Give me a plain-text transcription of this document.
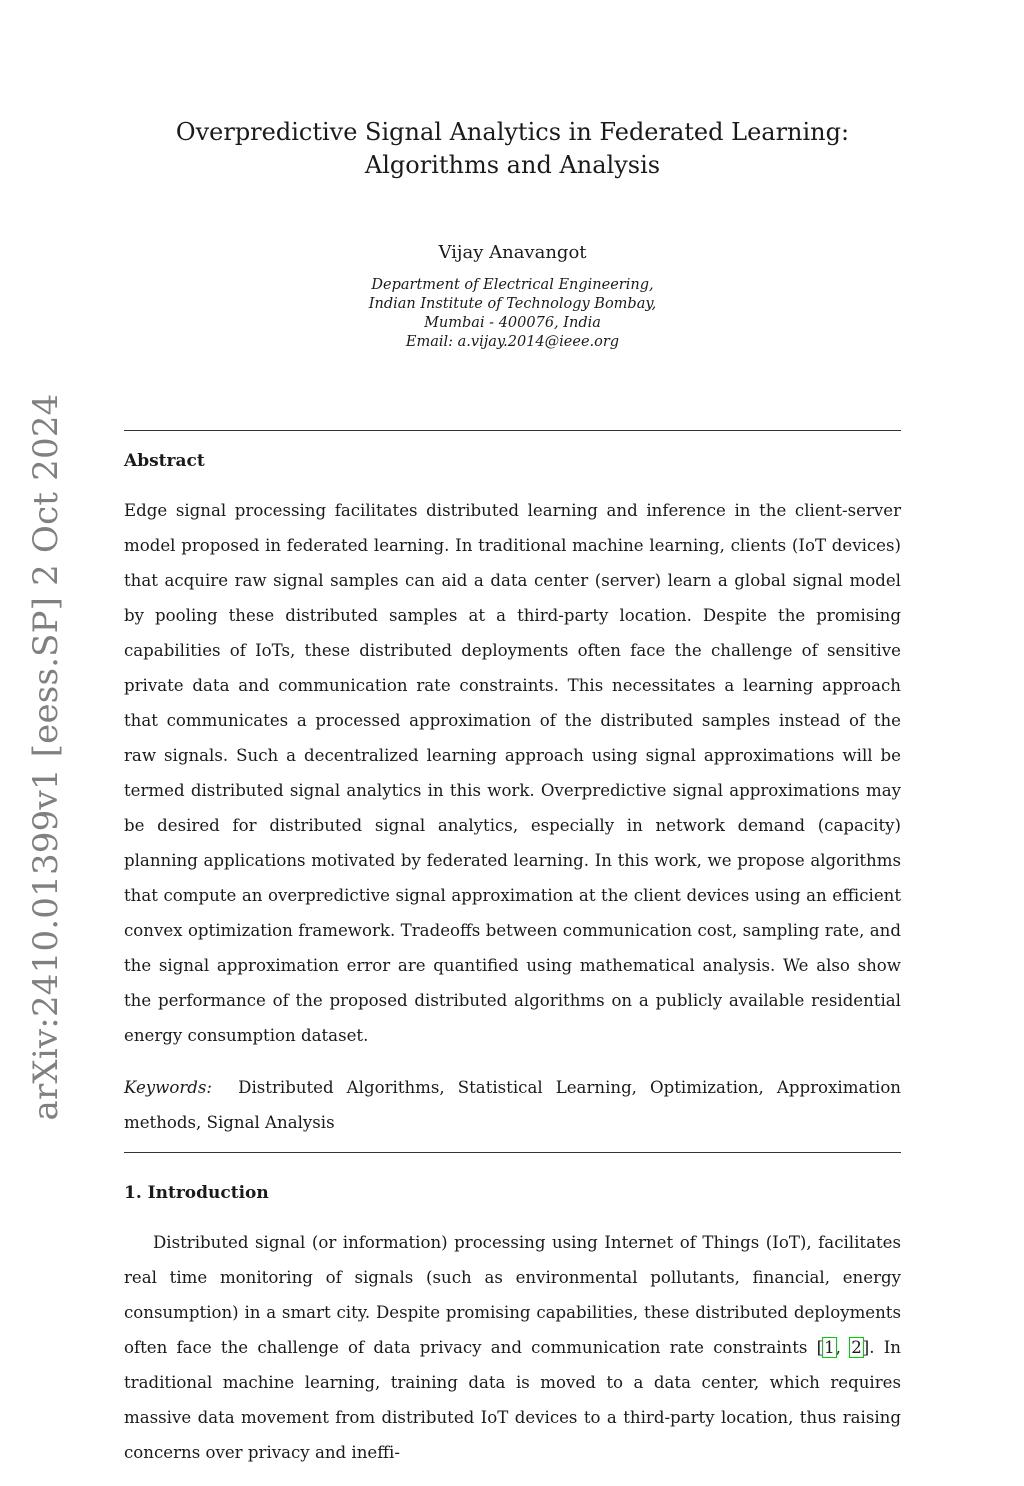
arXiv:2410.01399v1 [eess.SP] 2 Oct 2024
Overpredictive Signal Analytics in Federated Learning:
Algorithms and Analysis
Vijay Anavangot
Department of Electrical Engineering,
Indian Institute of Technology Bombay,
Mumbai - 400076, India
Email: a.vijay.2014@ieee.org
Abstract

Edge signal processing facilitates distributed learning and inference in the client-server model proposed in federated learning. In traditional machine learning, clients (IoT devices) that acquire raw signal samples can aid a data center (server) learn a global signal model by pooling these distributed samples at a third-party location. Despite the promising capabilities of IoTs, these distributed deployments often face the challenge of sensitive private data and communication rate constraints. This necessitates a learning approach that communicates a processed approximation of the distributed samples instead of the raw signals. Such a decentralized learning approach using signal approximations will be termed distributed signal analytics in this work. Overpredictive signal approximations may be desired for distributed signal analytics, especially in network demand (capacity) planning applications motivated by federated learning. In this work, we propose algorithms that compute an overpredictive signal approximation at the client devices using an efficient convex optimization framework. Tradeoffs between communication cost, sampling rate, and the signal approximation error are quantified using mathematical analysis. We also show the performance of the proposed distributed algorithms on a publicly available residential energy consumption dataset.

Keywords: Distributed Algorithms, Statistical Learning, Optimization, Approximation methods, Signal Analysis

1. Introduction

Distributed signal (or information) processing using Internet of Things (IoT), facilitates real time monitoring of signals (such as environmental pollutants, financial, energy consumption) in a smart city. Despite promising capabilities, these distributed deployments often face the challenge of data privacy and communication rate constraints [1, 2]. In traditional machine learning, training data is moved to a data center, which requires massive data movement from distributed IoT devices to a third-party location, thus raising concerns over privacy and ineffi-
